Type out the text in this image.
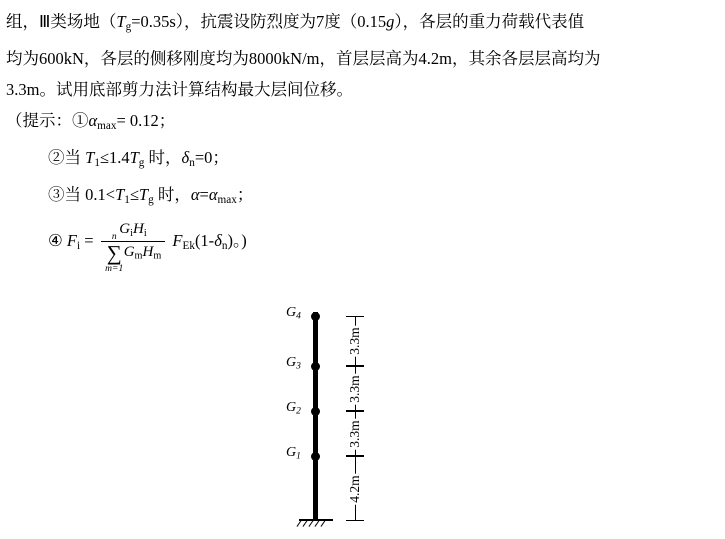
组，Ⅲ类场地$(T_g=0.35s)$，抗震设防烈度为7度（0.15g），各层的重力荷载代表值
均为600kN，各层的侧移刚度均为8000kN/m，首层层高为4.2m，其余各层层高均为
3.3m。试用底部剪力法计算结构最大层间位移。
（提示：$①\alpha_{max}= 0.12$；
②当 $T_1\le 1.4T_g$ 时，$\delta_n=0$；
③当 $0.1<T_1\le T_g$ 时，$\alpha=\alpha_{max}$；
④ $F_i = G_iH_i$
n
∑
m=1
$G_mH_m$ $F_{Ek}(1-\delta_n)$。)
$G_4$
$G_3$
$G_2$
$G_1$
3.3m
3.3m
3.3m
4.2m
